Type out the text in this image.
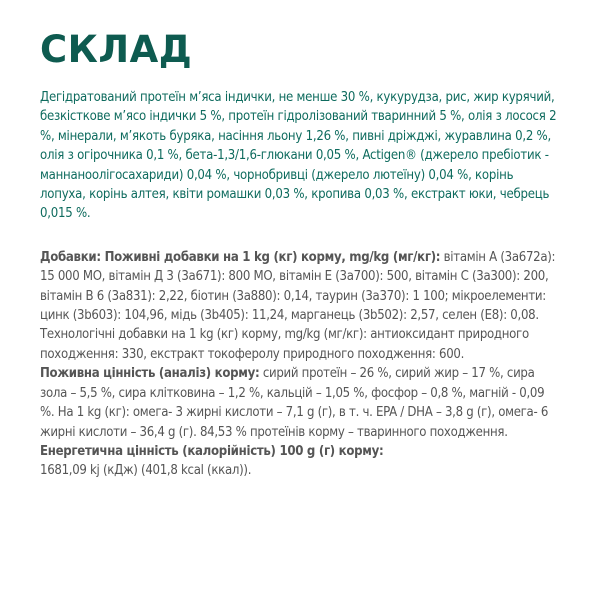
СКЛАД

Дегідратований протеїн м’яса індички, не менше 30 %, кукурудза, рис, жир курячий, безкісткове м’ясо індички 5 %, протеїн гідролізований тваринний 5 %, олія з лосося 2 %, мінерали, м’якоть буряка, насіння льону 1,26 %, пивні дріжджі, журавлина 0,2 %, олія з огірочника 0,1 %, бета-1,3/1,6-глюкани 0,05 %, Actigen® (джерело пребіотик - маннаноолігосахариди) 0,04 %, чорнобривці (джерело лютеїну) 0,04 %, корінь лопуха, корінь алтея, квіти ромашки 0,03 %, кропива 0,03 %, екстракт юки, чебрець 0,015 %.

Добавки: Поживні добавки на 1 kg (кг) корму, mg/kg (мг/кг): вітамін А (3a672a): 15 000 МО, вітамін Д 3 (3a671): 800 МО, вітамін Е (3a700): 500, вітамін С (3a300): 200, вітамін В 6 (3a831): 2,22, біотин (3a880): 0,14, таурин (3a370): 1 100; мікроелементи: цинк (3b603): 104,96, мідь (3b405): 11,24, марганець (3b502): 2,57, селен (E8): 0,08. Технологічні добавки на 1 kg (кг) корму, mg/kg (мг/кг): антиоксидант природного походження: 330, екстракт токоферолу природного походження: 600.

Поживна цінність (аналіз) корму: сирий протеїн – 26 %, сирий жир – 17 %, сира зола – 5,5 %, сира клітковина – 1,2 %, кальцій – 1,05 %, фосфор – 0,8 %, магній - 0,09 %. На 1 kg (кг): омега- 3 жирні кислоти – 7,1 g (г), в т. ч. EPA / DHA – 3,8 g (г), омега- 6 жирні кислоти – 36,4 g (г). 84,53 % протеїнів корму – тваринного походження.

Енергетична цінність (калорійність) 100 g (г) корму:

1681,09 kj (кДж) (401,8 kcal (ккал)).
